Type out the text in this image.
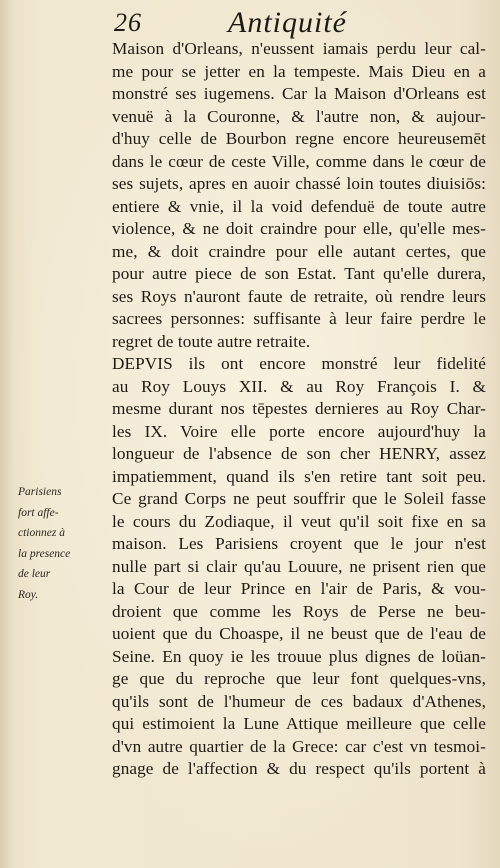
26	Antiquité
Maison d'Orleans, n'eussent iamais perdu leur cal-
me pour se jetter en la tempeste. Mais Dieu en a
monstré ses iugemens. Car la Maison d'Orleans est
venuë à la Couronne, & l'autre non, & aujour-
d'huy celle de Bourbon regne encore heureusemēt
dans le cœur de ceste Ville, comme dans le cœur de
ses sujets, apres en auoir chassé loin toutes diuisiōs:
entiere & vnie, il la void defenduë de toute autre
violence, & ne doit craindre pour elle, qu'elle mes-
me, & doit craindre pour elle autant certes, que
pour autre piece de son Estat. Tant qu'elle durera,
ses Roys n'auront faute de retraite, où rendre leurs
sacrees personnes: suffisante à leur faire perdre le
regret de toute autre retraite.
DEPVIS ils ont encore monstré leur fidelité
au Roy Louys XII. & au Roy François I. &
mesme durant nos tēpestes dernieres au Roy Char-
les IX. Voire elle porte encore aujourd'huy la
longueur de l'absence de son cher HENRY, assez
impatiemment, quand ils s'en retire tant soit peu.
Ce grand Corps ne peut souffrir que le Soleil fasse
le cours du Zodiaque, il veut qu'il soit fixe en sa
maison. Les Parisiens croyent que le jour n'est
nulle part si clair qu'au Louure, ne prisent rien que
la Cour de leur Prince en l'air de Paris, & vou-
droient que comme les Roys de Perse ne beu-
uoient que du Choaspe, il ne beust que de l'eau de
Seine. En quoy ie les trouue plus dignes de loüan-
ge que du reproche que leur font quelques-vns,
qu'ils sont de l'humeur de ces badaux d'Athenes,
qui estimoient la Lune Attique meilleure que celle
d'vn autre quartier de la Grece: car c'est vn tesmoi-
gnage de l'affection & du respect qu'ils portent à
Parisiens
fort affe-
ctionnez à
la presence
de leur
Roy.
